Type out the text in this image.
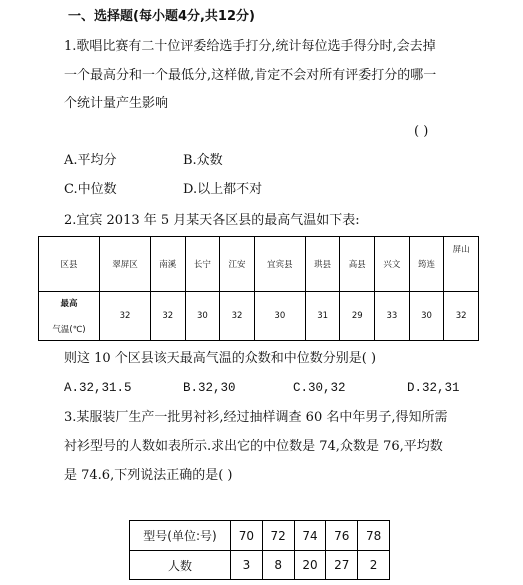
一、选择题(每小题4分,共12分)
1.歌唱比赛有二十位评委给选手打分,统计每位选手得分时,会去掉
一个最高分和一个最低分,这样做,肯定不会对所有评委打分的哪一
个统计量产生影响
( )
A.平均分	B.众数
C.中位数	D.以上都不对
2.宜宾 2013 年 5 月某天各区县的最高气温如下表:
区县	翠屏区	南溪	长宁	江安	宜宾县	珙县	高县	兴文	筠连	屏山

最高
气温(℃)	32	32	30	32	30	31	29	33	30	32
则这 10 个区县该天最高气温的众数和中位数分别是( )
A.32,31.5	B.32,30	C.30,32	D.32,31
3.某服装厂生产一批男衬衫,经过抽样调查 60 名中年男子,得知所需
衬衫型号的人数如表所示.求出它的中位数是 74,众数是 76,平均数
是 74.6,下列说法正确的是( )
型号(单位:号)	70	72	74	76	78
人数	3	8	20	27	2
